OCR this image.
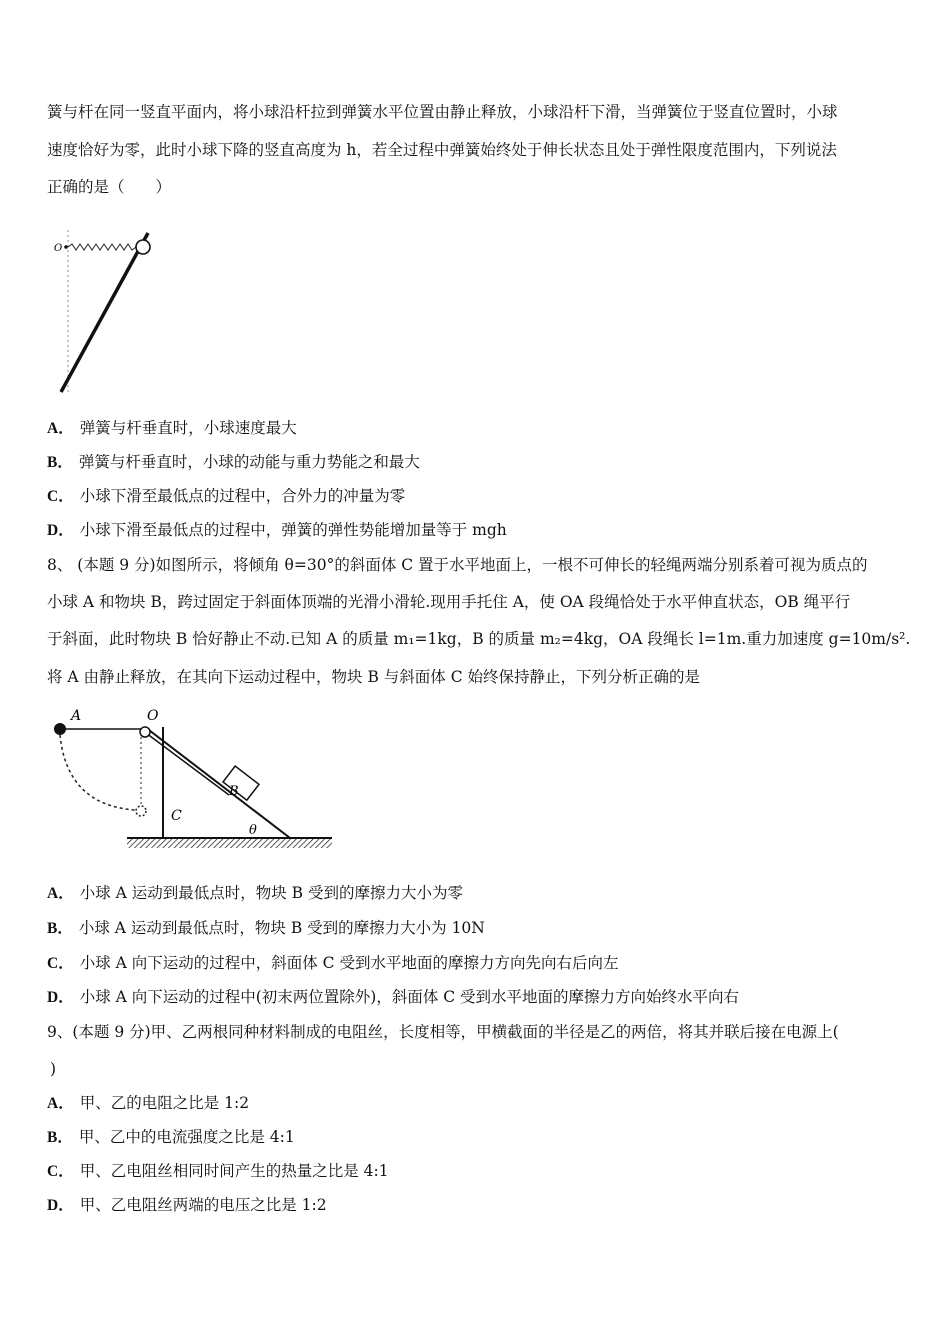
簧与杆在同一竖直平面内，将小球沿杆拉到弹簧水平位置由静止释放，小球沿杆下滑，当弹簧位于竖直位置时，小球
速度恰好为零，此时小球下降的竖直高度为 h，若全过程中弹簧始终处于伸长状态且处于弹性限度范围内，下列说法
正确的是（　　）
O
A． 弹簧与杆垂直时，小球速度最大
B． 弹簧与杆垂直时，小球的动能与重力势能之和最大
C． 小球下滑至最低点的过程中，合外力的冲量为零
D． 小球下滑至最低点的过程中，弹簧的弹性势能增加量等于 mgh
8、 (本题 9 分)如图所示，将倾角 θ=30°的斜面体 C 置于水平地面上，一根不可伸长的轻绳两端分别系着可视为质点的
小球 A 和物块 B，跨过固定于斜面体顶端的光滑小滑轮.现用手托住 A，使 OA 段绳恰处于水平伸直状态，OB 绳平行
于斜面，此时物块 B 恰好静止不动.已知 A 的质量 m₁=1kg，B 的质量 m₂=4kg，OA 段绳长 l=1m.重力加速度 g=10m/s².
将 A 由静止释放，在其向下运动过程中，物块 B 与斜面体 C 始终保持静止，下列分析正确的是
A	O
B
C
θ
A． 小球 A 运动到最低点时，物块 B 受到的摩擦力大小为零
B． 小球 A 运动到最低点时，物块 B 受到的摩擦力大小为 10N
C． 小球 A 向下运动的过程中，斜面体 C 受到水平地面的摩擦力方向先向右后向左
D． 小球 A 向下运动的过程中(初末两位置除外)，斜面体 C 受到水平地面的摩擦力方向始终水平向右
9、(本题 9 分)甲、乙两根同种材料制成的电阻丝，长度相等，甲横截面的半径是乙的两倍，将其并联后接在电源上(
)
A． 甲、乙的电阻之比是 1:2
B． 甲、乙中的电流强度之比是 4:1
C． 甲、乙电阻丝相同时间产生的热量之比是 4:1
D． 甲、乙电阻丝两端的电压之比是 1:2
